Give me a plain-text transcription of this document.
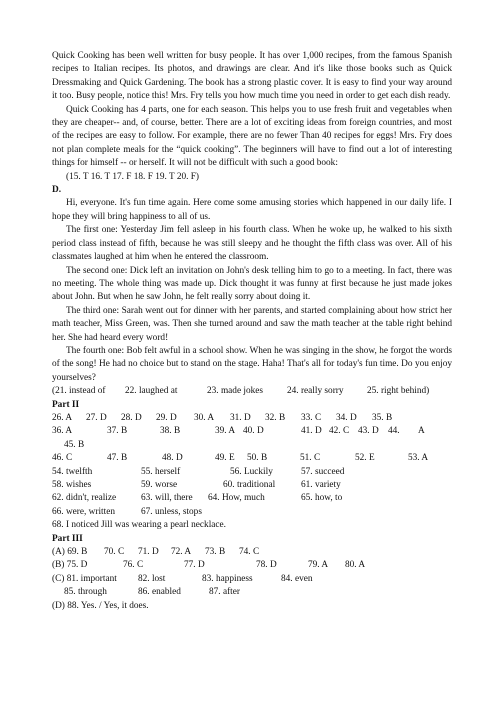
Quick Cooking has been well written for busy people. It has over 1,000 recipes, from the famous Spanish recipes to Italian recipes. Its photos, and drawings are clear. And it's like those books such as Quick Dressmaking and Quick Gardening. The book has a strong plastic cover. It is easy to find your way around it too. Busy people, notice this! Mrs. Fry tells you how much time you need in order to get each dish ready.

Quick Cooking has 4 parts, one for each season. This helps you to use fresh fruit and vegetables when they are cheaper-- and, of course, better. There are a lot of exciting ideas from foreign countries, and most of the recipes are easy to follow. For example, there are no fewer Than 40 recipes for eggs! Mrs. Fry does not plan complete meals for the “quick cooking”. The beginners will have to find out a lot of interesting things for himself -- or herself. It will not be difficult with such a good book:

(15. T 16. T 17. F 18. F 19. T 20. F)

D.

Hi, everyone. It's fun time again. Here come some amusing stories which happened in our daily life. I hope they will bring happiness to all of us.

The first one: Yesterday Jim fell asleep in his fourth class. When he woke up, he walked to his sixth period class instead of fifth, because he was still sleepy and he thought the fifth class was over. All of his classmates laughed at him when he entered the classroom.

The second one: Dick left an invitation on John's desk telling him to go to a meeting. In fact, there was no meeting. The whole thing was made up. Dick thought it was funny at first because he just made jokes about John. But when he saw John, he felt really sorry about doing it.

The third one: Sarah went out for dinner with her parents, and started complaining about how strict her math teacher, Miss Green, was. Then she turned around and saw the math teacher at the table right behind her. She had heard every word!

The fourth one: Bob felt awful in a school show. When he was singing in the show, he forgot the words of the song! He had no choice but to stand on the stage. Haha! That's all for today's fun time. Do you enjoy yourselves?

(21. instead of	22. laughed at	23. made jokes	24. really sorry	25. right behind)

Part II

26. A	27. D	28. D	29. D	30. A	31. D	32. B	33. C	34. D	35. B
36. A	37. B	38. B	39. A 40. D	41. D 42. C 43. D	44.	A

45. B

46. C	47. B	48. D	49. E	50. B	51. C	52. E	53. A
54. twelfth	55. herself	56. Luckily	57. succeed
58. wishes	59. worse	60. traditional	61. variety
62. didn't, realize	63. will, there	64. How, much	65. how, to
66. were, written	67. unless, stops

68. I noticed Jill was wearing a pearl necklace.

Part III

(A) 69. B	70. C	71. D	72. A	73. B	74. C
(B) 75. D	76. C	77. D	78. D	79. A	80. A
(C) 81. important	82. lost	83. happiness	84. even
85. through	86. enabled	87. after

(D) 88. Yes. / Yes, it does.
